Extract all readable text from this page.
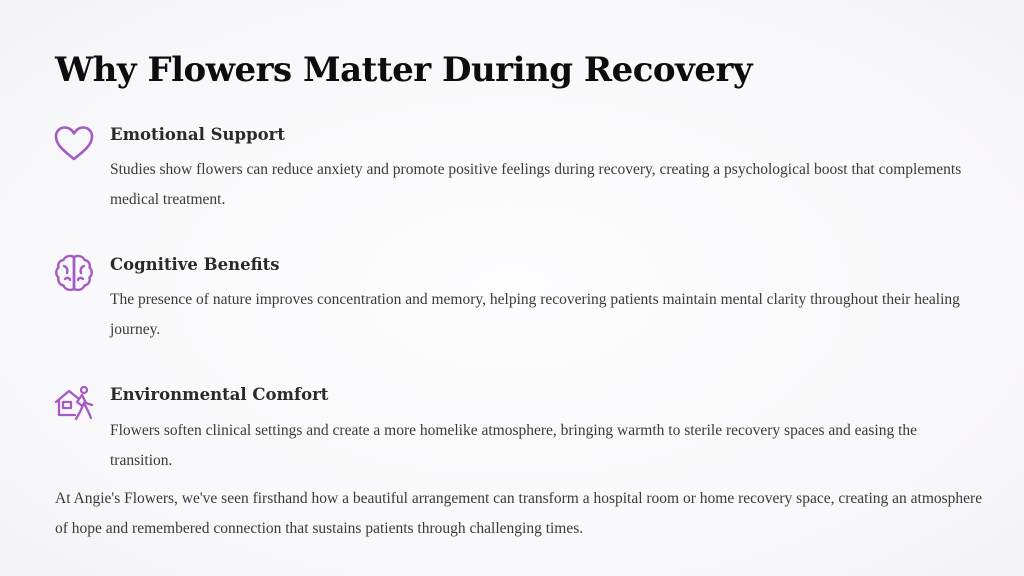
Why Flowers Matter During Recovery
Emotional Support

Studies show flowers can reduce anxiety and promote positive feelings during recovery, creating a psychological boost that complements medical treatment.

Cognitive Benefits

The presence of nature improves concentration and memory, helping recovering patients maintain mental clarity throughout their healing journey.

Environmental Comfort

Flowers soften clinical settings and create a more homelike atmosphere, bringing warmth to sterile recovery spaces and easing the transition.

At Angie's Flowers, we've seen firsthand how a beautiful arrangement can transform a hospital room or home recovery space, creating an atmosphere of hope and remembered connection that sustains patients through challenging times.
